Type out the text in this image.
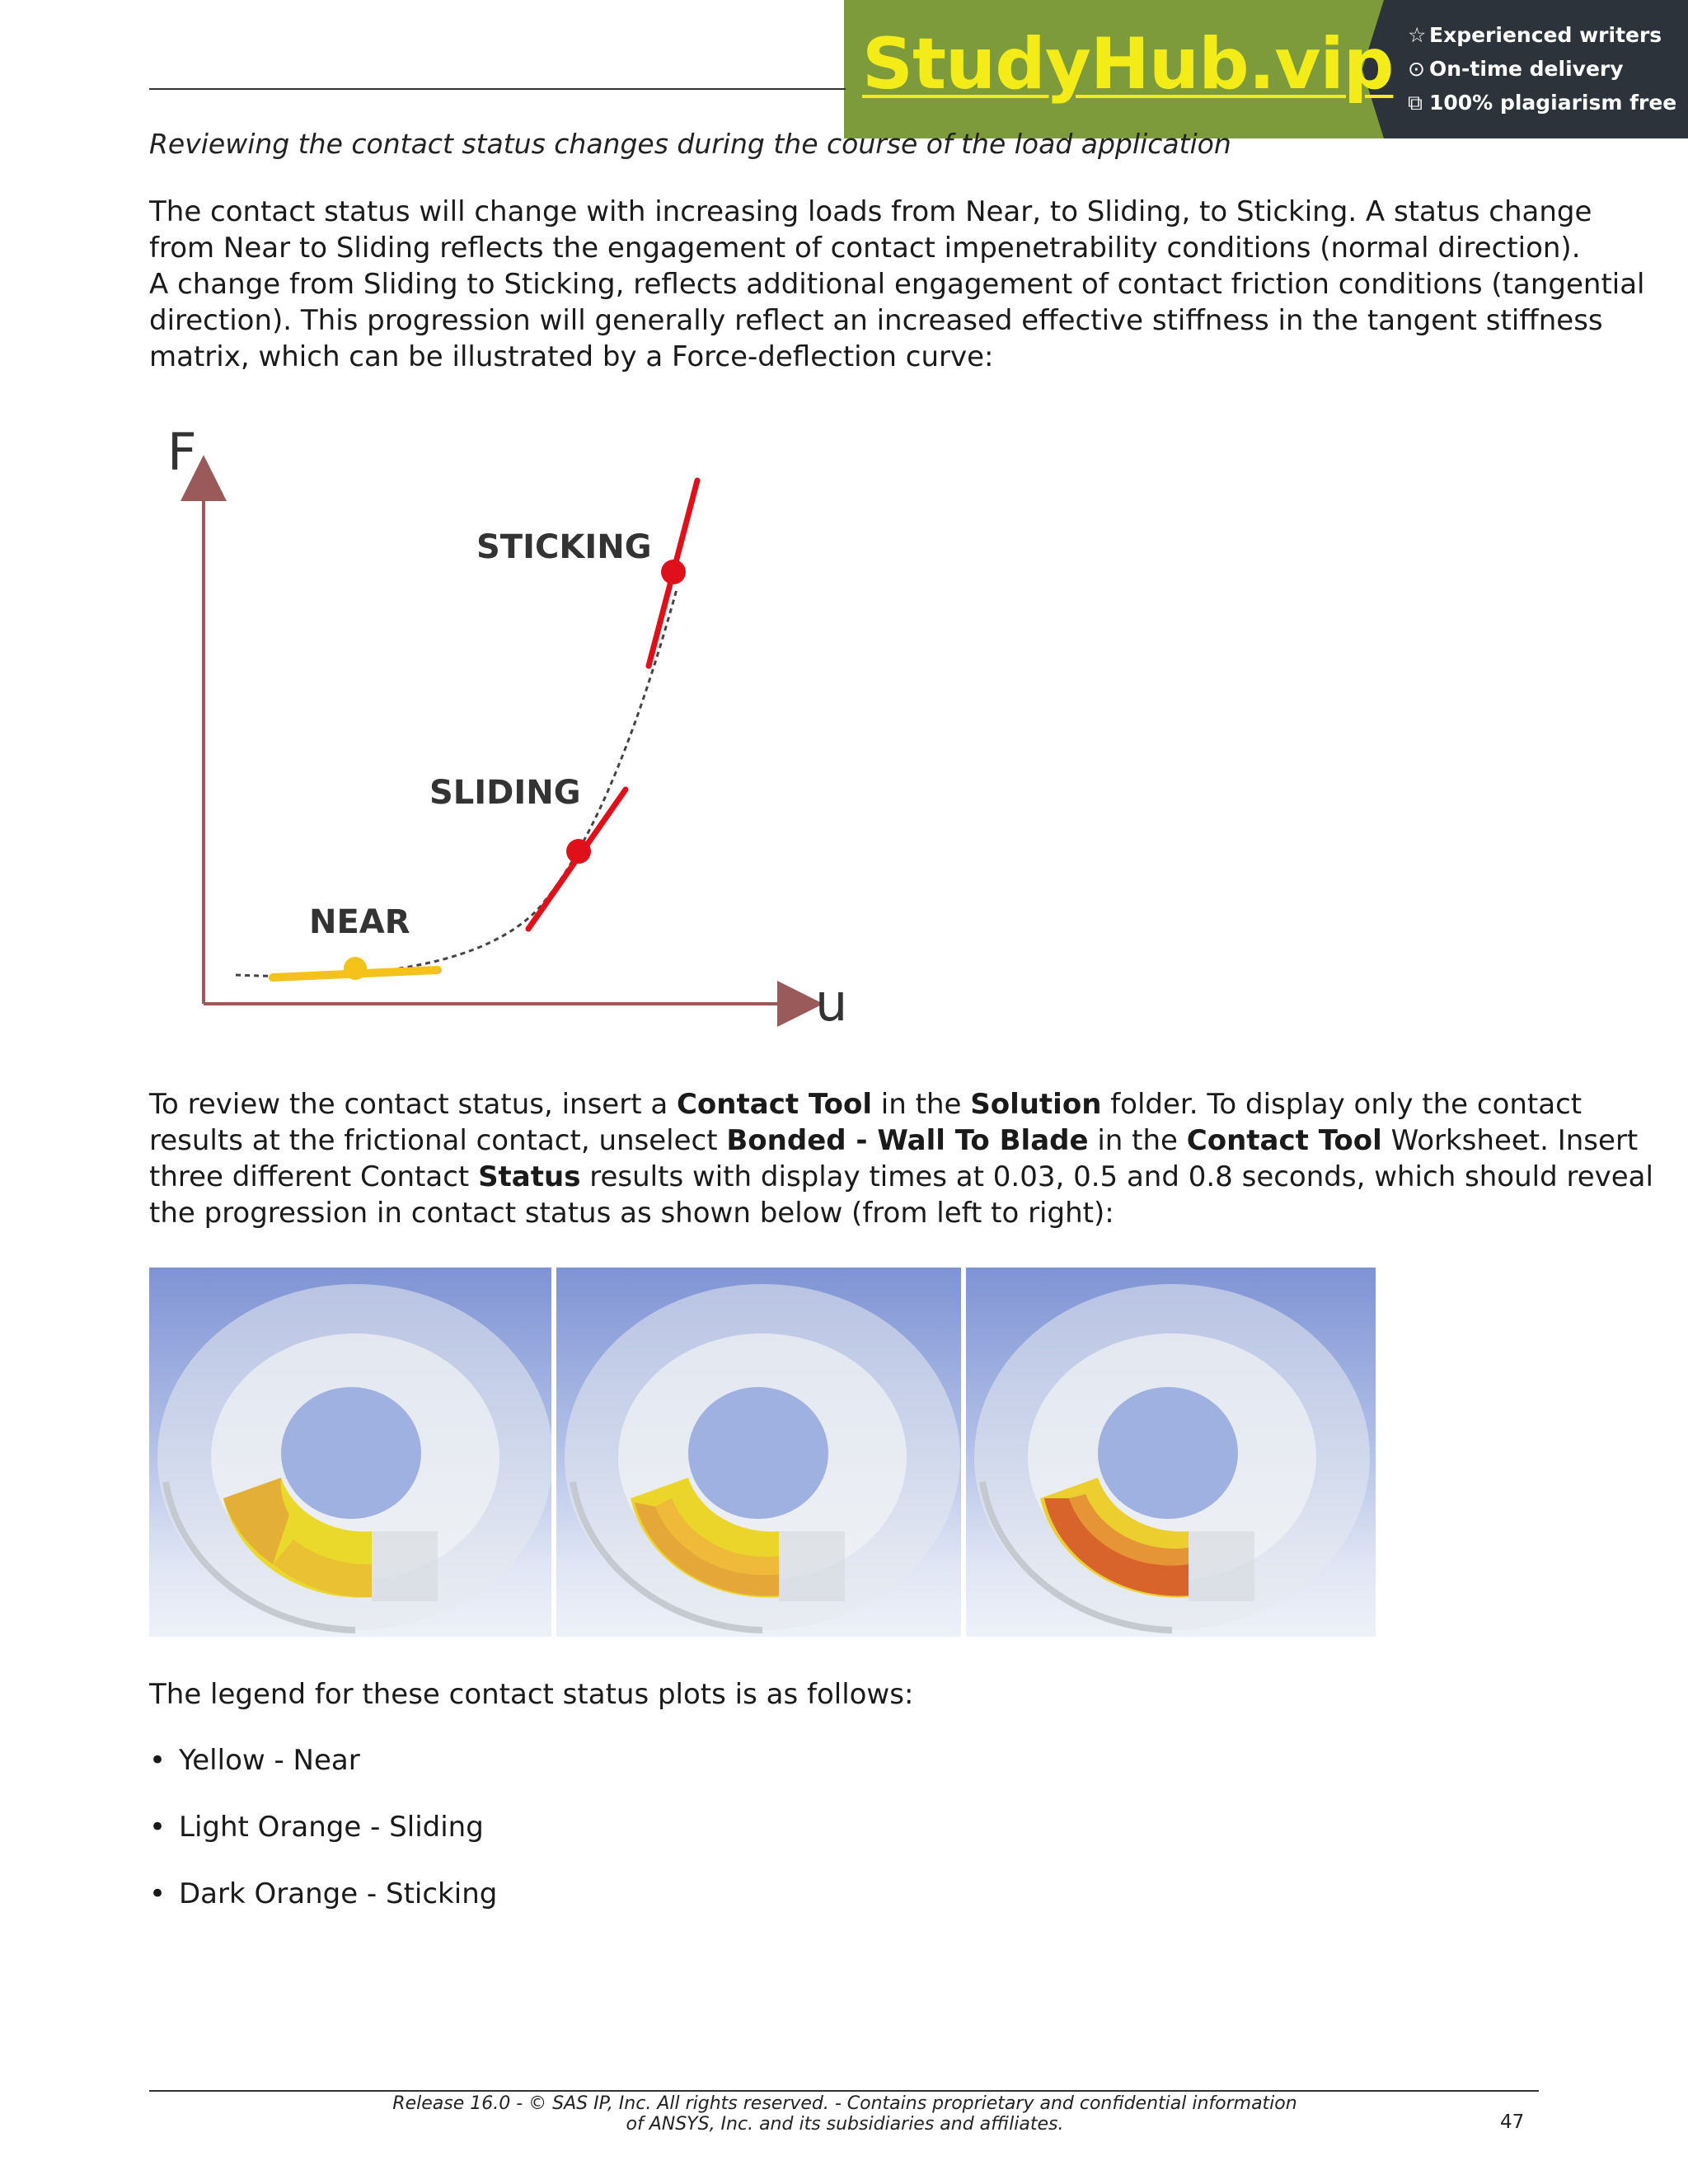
StudyHub.vip ☆ Experienced writers
⊙ On-time delivery
⧉ 100% plagiarism free
Reviewing the contact status changes during the course of the load application

The contact status will change with increasing loads from Near, to Sliding, to Sticking. A status change

from Near to Sliding reflects the engagement of contact impenetrability conditions (normal direction).

A change from Sliding to Sticking, reflects additional engagement of contact friction conditions (tangential

direction). This progression will generally reflect an increased effective stiffness in the tangent stiffness

matrix, which can be illustrated by a Force-deflection curve:

F
u
NEAR
SLIDING
STICKING

To review the contact status, insert a Contact Tool in the Solution folder. To display only the contact

results at the frictional contact, unselect Bonded - Wall To Blade in the Contact Tool Worksheet. Insert

three different Contact Status results with display times at 0.03, 0.5 and 0.8 seconds, which should reveal

the progression in contact status as shown below (from left to right):

The legend for these contact status plots is as follows:
• Yellow - Near
• Light Orange - Sliding
• Dark Orange - Sticking
Release 16.0 - © SAS IP, Inc. All rights reserved. - Contains proprietary and confidential information
of ANSYS, Inc. and its subsidiaries and affiliates.	47
